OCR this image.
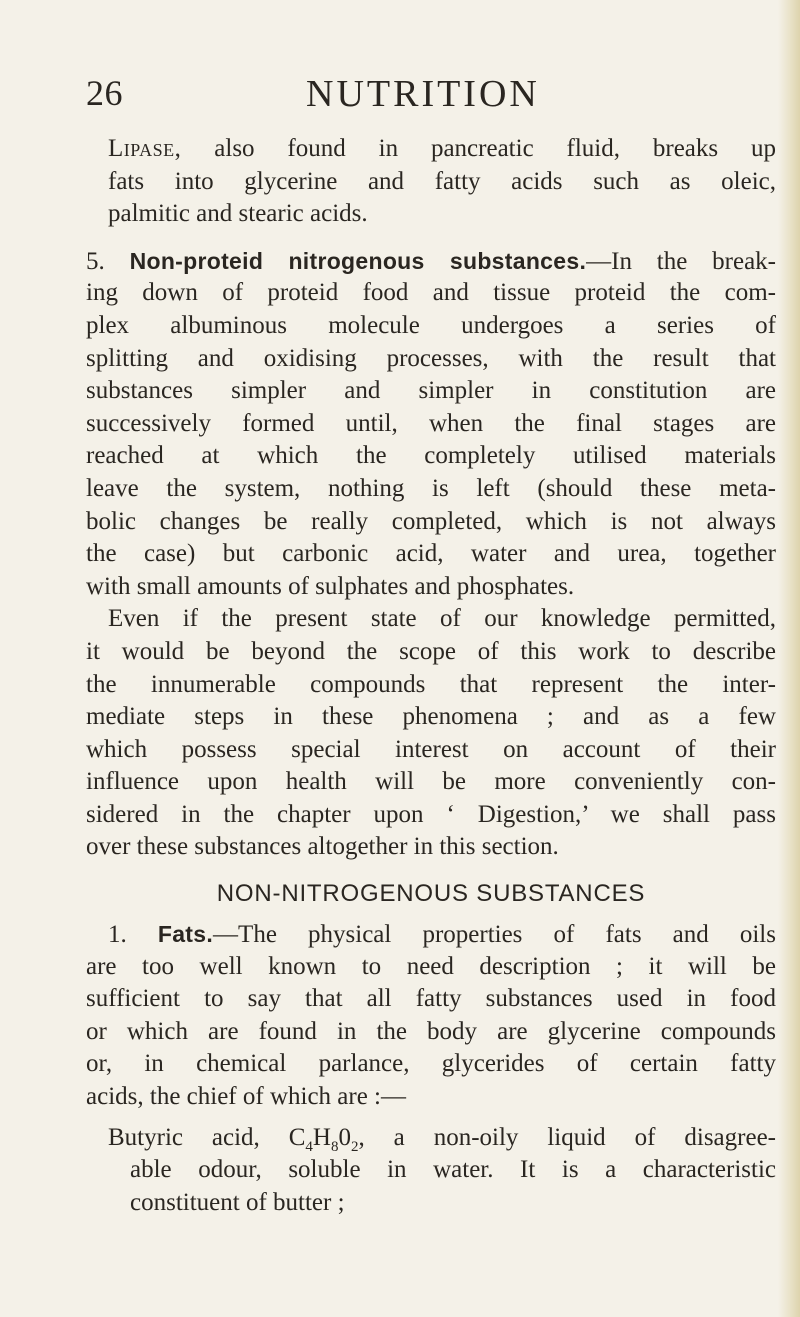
26	NUTRITION
Lipase, also found in pancreatic fluid, breaks up
fats into glycerine and fatty acids such as oleic,
palmitic and stearic acids.
5. Non-proteid nitrogenous substances.—In the break-
ing down of proteid food and tissue proteid the com-
plex albuminous molecule undergoes a series of
splitting and oxidising processes, with the result that
substances simpler and simpler in constitution are
successively formed until, when the final stages are
reached at which the completely utilised materials
leave the system, nothing is left (should these meta-
bolic changes be really completed, which is not always
the case) but carbonic acid, water and urea, together
with small amounts of sulphates and phosphates.
Even if the present state of our knowledge permitted,
it would be beyond the scope of this work to describe
the innumerable compounds that represent the inter-
mediate steps in these phenomena ; and as a few
which possess special interest on account of their
influence upon health will be more conveniently con-
sidered in the chapter upon ‘ Digestion,’ we shall pass
over these substances altogether in this section.
NON-NITROGENOUS SUBSTANCES
1. Fats.—The physical properties of fats and oils
are too well known to need description ; it will be
sufficient to say that all fatty substances used in food
or which are found in the body are glycerine compounds
or, in chemical parlance, glycerides of certain fatty
acids, the chief of which are :—
Butyric acid, $C_4H_80_2$, a non-oily liquid of disagree-
able odour, soluble in water. It is a characteristic
constituent of butter ;
